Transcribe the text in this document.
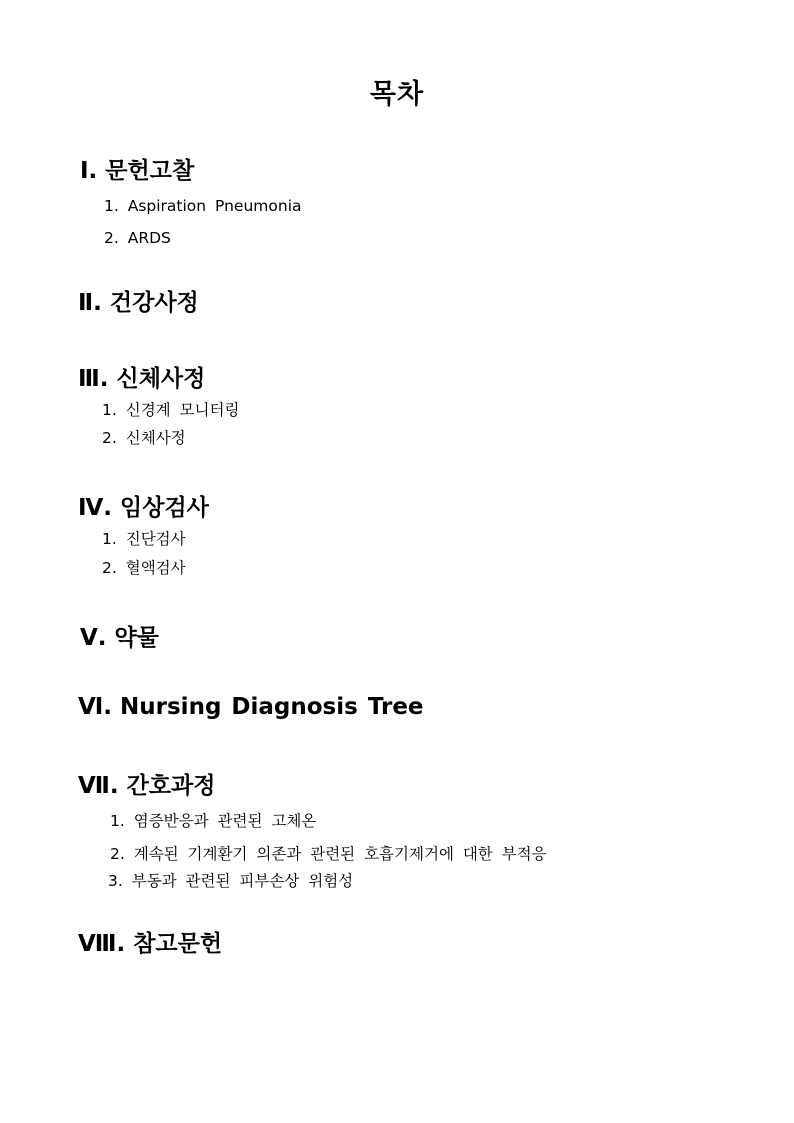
목차
Ⅰ. 문헌고찰
1. Aspiration Pneumonia
2. ARDS
Ⅱ. 건강사정
Ⅲ. 신체사정
1. 신경계 모니터링
2. 신체사정
Ⅳ. 임상검사
1. 진단검사
2. 혈액검사
Ⅴ. 약물
Ⅵ. Nursing Diagnosis Tree
Ⅶ. 간호과정
1. 염증반응과 관련된 고체온
2. 계속된 기계환기 의존과 관련된 호흡기제거에 대한 부적응
3. 부동과 관련된 피부손상 위험성
Ⅷ. 참고문헌
